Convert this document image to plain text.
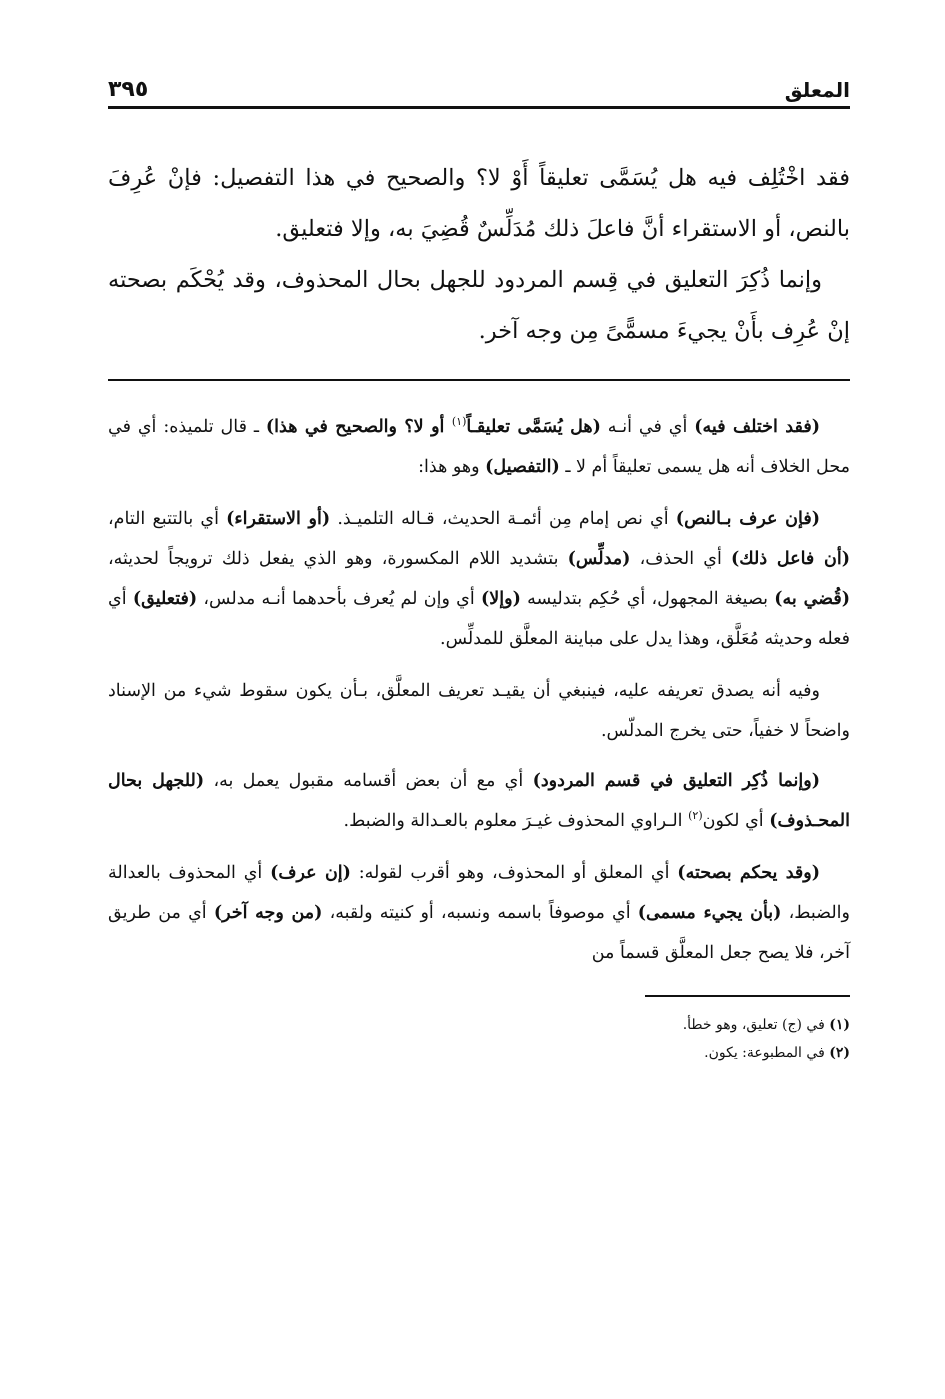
المعلق
٣٩٥

فقد اخْتُلِف فيه هل يُسَمَّى تعليقاً أَوْ لا؟ والصحيح في هذا التفصيل: فإنْ عُرِفَ بالنص، أو الاستقراء أنَّ فاعلَ ذلك مُدَلِّسٌ قُضِيَ به، وإلا فتعليق.

وإنما ذُكِرَ التعليق في قِسم المردود للجهل بحال المحذوف، وقد يُحْكَم بصحته إنْ عُرِف بأَنْ يجيءَ مسمًّىً مِن وجه آخر.

(فقد اختلف فيه) أي في أنـه (هل يُسَمَّى تعليقـاً$^{(١)}$ أو لا؟ والصحيح في هذا) ـ قال تلميذه: أي في محل الخلاف أنه هل يسمى تعليقاً أم لا ـ (التفصيل) وهو هذا:

(فإن عرف بـالنص) أي نص إمام مِن أئمـة الحديث، قـاله التلميـذ. (أو الاستقراء) أي بالتتبع التام، (أن فاعل ذلك) أي الحذف، (مدلِّس) بتشديد اللام المكسورة، وهو الذي يفعل ذلك ترويجاً لحديثه، (قُضي به) بصيغة المجهول، أي حُكِم بتدليسه (وإلا) أي وإن لم يُعرف بأحدهما أنـه مدلس، (فتعليق) أي فعله وحديثه مُعَلَّق، وهذا يدل على مباينة المعلَّق للمدلِّس.

وفيه أنه يصدق تعريفه عليه، فينبغي أن يقيـد تعريف المعلَّق، بـأن يكون سقوط شيء من الإسناد واضحاً لا خفياً، حتى يخرج المدلّس.

(وإنما ذُكِر التعليق في قسم المردود) أي مع أن بعض أقسامه مقبول يعمل به، (للجهل بحال المحـذوف) أي لكون$^{(٢)}$ الـراوي المحذوف غيـرَ معلوم بالعـدالة والضبط.

(وقد يحكم بصحته) أي المعلق أو المحذوف، وهو أقرب لقوله: (إن عرف) أي المحذوف بالعدالة والضبط، (بأن يجيء مسمى) أي موصوفاً باسمه ونسبه، أو كنيته ولقبه، (من وجه آخر) أي من طريق آخر، فلا يصح جعل المعلَّق قسماً من

(١) في (ج) تعليق، وهو خطأ.
(٢) في المطبوعة: يكون.
